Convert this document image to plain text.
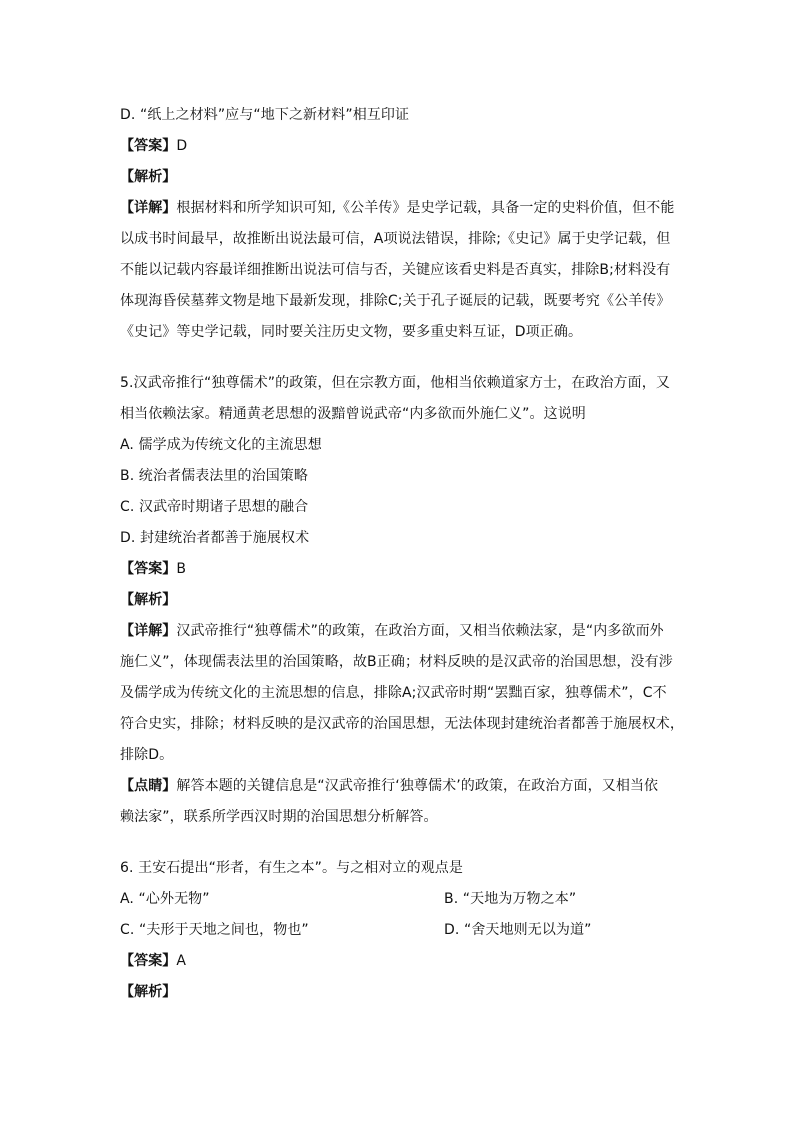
D. “纸上之材料”应与“地下之新材料”相互印证
【答案】D
【解析】
【详解】根据材料和所学知识可知,《公羊传》是史学记载，具备一定的史料价值，但不能
以成书时间最早，故推断出说法最可信，A项说法错误，排除;《史记》属于史学记载，但
不能以记载内容最详细推断出说法可信与否，关键应该看史料是否真实，排除B;材料没有
体现海昏侯墓葬文物是地下最新发现，排除C;关于孔子诞辰的记载，既要考究《公羊传》
《史记》等史学记载，同时要关注历史文物，要多重史料互证，D项正确。
5.汉武帝推行“独尊儒术”的政策，但在宗教方面，他相当依赖道家方士，在政治方面，又
相当依赖法家。精通黄老思想的汲黯曾说武帝“内多欲而外施仁义”。这说明
A. 儒学成为传统文化的主流思想
B. 统治者儒表法里的治国策略
C. 汉武帝时期诸子思想的融合
D. 封建统治者都善于施展权术
【答案】B
【解析】
【详解】汉武帝推行“独尊儒术”的政策，在政治方面，又相当依赖法家，是“内多欲而外
施仁义”，体现儒表法里的治国策略，故B正确；材料反映的是汉武帝的治国思想，没有涉
及儒学成为传统文化的主流思想的信息，排除A;汉武帝时期“罢黜百家，独尊儒术”，C不
符合史实，排除；材料反映的是汉武帝的治国思想，无法体现封建统治者都善于施展权术，
排除D。
【点睛】解答本题的关键信息是“汉武帝推行‘独尊儒术’的政策，在政治方面，又相当依
赖法家”，联系所学西汉时期的治国思想分析解答。
6. 王安石提出“形者，有生之本”。与之相对立的观点是
A. “心外无物”	B. “天地为万物之本”
C. “夫形于天地之间也，物也”	D. “舍天地则无以为道”
【答案】A
【解析】
